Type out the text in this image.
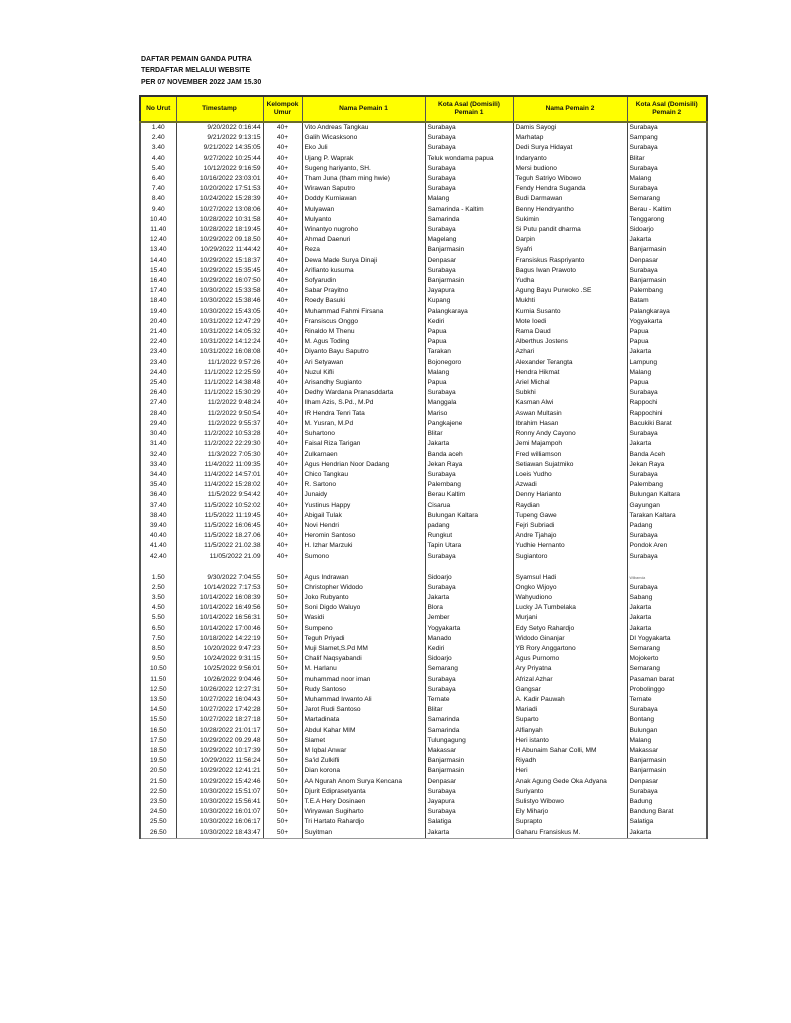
DAFTAR PEMAIN GANDA PUTRA
TERDAFTAR MELALUI WEBSITE
PER 07 NOVEMBER 2022 JAM 15.30
No Urut	Timestamp	Kelompok Umur	Nama Pemain 1	Kota Asal (Domisili) Pemain 1	Nama Pemain 2	Kota Asal (Domisili) Pemain 2
1.40	9/20/2022 0:16:44	40+	Vito Andreas Tangkau	Surabaya	Damis Sayogi	Surabaya
2.40	9/21/2022 9:13:15	40+	Galih Wicasksono	Surabaya	Marhatap	Sampang
3.40	9/21/2022 14:35:05	40+	Eko Juli	Surabaya	Dedi Surya Hidayat	Surabaya
4.40	9/27/2022 10:25:44	40+	Ujang P. Waprak	Teluk wondama papua	Indaryanto	Blitar
5.40	10/12/2022 9:16:59	40+	Sugeng hariyanto, SH.	Surabaya	Mersi budiono	Surabaya
6.40	10/16/2022 23:03:01	40+	Tham Juna (tham ming hwie)	Surabaya	Teguh Satriyo Wibowo	Malang
7.40	10/20/2022 17:51:53	40+	Wirawan Saputro	Surabaya	Fendy Hendra Suganda	Surabaya
8.40	10/24/2022 15:28:39	40+	Doddy Kurniawan	Malang	Budi Darmawan	Semarang
9.40	10/27/2022 13:08:06	40+	Mulyawan	Samarinda - Kaltim	Benny Hendryantho	Berau - Kaltim
10.40	10/28/2022 10:31:58	40+	Mulyanto	Samarinda	Sukimin	Tenggarong
11.40	10/28/2022 18:19:45	40+	Winantyo nugroho	Surabaya	Si Putu pandit dharma	Sidoarjo
12.40	10/29/2022 09.18.50	40+	Ahmad Daenuri	Magelang	Darpin	Jakarta
13.40	10/29/2022 11:44:42	40+	Reza	Banjarmasin	Syafri	Banjarmasin
14.40	10/29/2022 15:18:37	40+	Dewa Made Surya Dinaji	Denpasar	Fransiskus Raspriyanto	Denpasar
15.40	10/29/2022 15:35:45	40+	Arifianto kusuma	Surabaya	Bagus Iwan Prawoto	Surabaya
16.40	10/29/2022 16:07:50	40+	Sofyarudin	Banjarmasin	Yudha	Banjarmasin
17.40	10/30/2022 15:33:58	40+	Sabar Prayitno	Jayapura	Agung Bayu Purwoko .SE	Palembang
18.40	10/30/2022 15:38:46	40+	Roedy Basuki	Kupang	Mukhti	Batam
19.40	10/30/2022 15:43:05	40+	Muhammad Fahmi Firsana	Palangkaraya	Kurnia Susanto	Palangkaraya
20.40	10/31/2022 12:47:29	40+	Fransiscus Onggo	Kediri	Mote Ioedi	Yogyakarta
21.40	10/31/2022 14:05:32	40+	Rinaldo M Thenu	Papua	Rama Daud	Papua
22.40	10/31/2022 14:12:24	40+	M. Agus Toding	Papua	Alberthus Jostens	Papua
23.40	10/31/2022 16:08:08	40+	Diyanto Bayu Saputro	Tarakan	Azhari	Jakarta
23.40	11/1/2022 9:57:26	40+	Ari Setyawan	Bojonegoro	Alexander Terangta	Lampung
24.40	11/1/2022 12:25:59	40+	Nuzul Kifli	Malang	Hendra Hikmat	Malang
25.40	11/1/2022 14:38:48	40+	Arisandhy Sugianto	Papua	Ariel Michal	Papua
26.40	11/1/2022 15:30:29	40+	Dedhy Wardana Pranasddarta	Surabaya	Subkhi	Surabaya
27.40	11/2/2022 9:48:24	40+	Ilham Azis, S.Pd., M.Pd	Manggala	Kasman Alwi	Rappochi
28.40	11/2/2022 9:50:54	40+	IR Hendra Tenri Tata	Mariso	Aswan Multasin	Rappochini
29.40	11/2/2022 9:55:37	40+	M. Yusran, M.Pd	Pangkajene	Ibrahim Hasan	Bacukiki Barat
30.40	11/2/2022 10:53:28	40+	Suhartono	Blitar	Ronny Andy Cayono	Surabaya
31.40	11/2/2022 22:29:30	40+	Faisal Riza Tarigan	Jakarta	Jemi Majampoh	Jakarta
32.40	11/3/2022 7:05:30	40+	Zulkarnaen	Banda aceh	Fred williamson	Banda Aceh
33.40	11/4/2022 11:09:35	40+	Agus Hendrian Noor Dadang	Jekan Raya	Setiawan Sujatmiko	Jekan Raya
34.40	11/4/2022 14:57:01	40+	Chico Tangkau	Surabaya	Loeis Yudho	Surabaya
35.40	11/4/2022 15:28:02	40+	R. Sartono	Palembang	Azwadi	Palembang
36.40	11/5/2022 9:54:42	40+	Junaidy	Berau Kaltim	Denny Harianto	Bulungan Kaltara
37.40	11/5/2022 10:52:02	40+	Yustinus Happy	Cisarua	Raydian	Gayungan
38.40	11/5/2022 11:19:45	40+	Abigail Tulak	Bulungan Kaltara	Tupeng Gawe	Tarakan Kaltara
39.40	11/5/2022 16:06:45	40+	Novi Hendri	padang	Fejri Subriadi	Padang
40.40	11/5/2022 18.27.06	40+	Heromin Santoso	Rungkut	Andre Tjahajo	Surabaya
41.40	11/5/2022 21.02.38	40+	H. Izhar Marzuki	Tapin Utara	Yudhie Hernanto	Pondok Aren
42.40	11/05/2022 21.09	40+	Sumono	Surabaya	Sugiantoro	Surabaya

1.50	9/30/2022 7:04:55	50+	Agus Indrawan	Sidoarjo	Syamsul Hadi	Wilbarnda
2.50	10/14/2022 7:17:53	50+	Christopher Widodo	Surabaya	Ongko Wijoyo	Surabaya
3.50	10/14/2022 16:08:39	50+	Joko Rubyanto	Jakarta	Wahyudiono	Sabang
4.50	10/14/2022 16:49:56	50+	Soni Digdo Waluyo	Blora	Lucky JA Tumbelaka	Jakarta
5.50	10/14/2022 16:56:31	50+	Wasidi	Jember	Murjani	Jakarta
6.50	10/14/2022 17:00:46	50+	Sumpeno	Yogyakarta	Edy Setyo Rahardjo	Jakarta
7.50	10/18/2022 14:22:19	50+	Teguh Priyadi	Manado	Widodo Ginanjar	DI Yogyakarta
8.50	10/20/2022 9:47:23	50+	Muji Slamet,S.Pd MM	Kediri	YB Rory Anggartono	Semarang
9.50	10/24/2022 9:31:15	50+	Chalif Naqsyabandi	Sidoarjo	Agus Purnomo	Mojokerto
10.50	10/25/2022 9:56:01	50+	M. Harlanu	Semarang	Ary Priyatna	Semarang
11.50	10/26/2022 9:04:46	50+	muhammad noor iman	Surabaya	Afrizal Azhar	Pasaman barat
12.50	10/26/2022 12:27:31	50+	Rudy Santoso	Surabaya	Gangsar	Probolinggo
13.50	10/27/2022 16:04:43	50+	Muhammad Irwanto Ali	Ternate	A. Kadir Pauwah	Ternate
14.50	10/27/2022 17:42:28	50+	Jarot Rudi Santoso	Blitar	Mariadi	Surabaya
15.50	10/27/2022 18:27:18	50+	Martadinata	Samarinda	Suparto	Bontang
16.50	10/28/2022 21:01:17	50+	Abdul Kahar MIM	Samarinda	Alfianyah	Bulungan
17.50	10/29/2022 09.29.48	50+	Slamet	Tulungagung	Heri istanto	Malang
18.50	10/29/2022 10:17:39	50+	M Iqbal Anwar	Makassar	H Abunaim Sahar Colli, MM	Makassar
19.50	10/29/2022 11:56:24	50+	Sa'id Zulkifli	Banjarmasin	Riyadh	Banjarmasin
20.50	10/29/2022 12:41:21	50+	Dian korona	Banjarmasin	Heri	Banjarmasin
21.50	10/29/2022 15:42:46	50+	AA Ngurah Anom Surya Kencana	Denpasar	Anak Agung Gede Oka Adyana	Denpasar
22.50	10/30/2022 15:51:07	50+	Djurit Ediprasetyanta	Surabaya	Suriyanto	Surabaya
23.50	10/30/2022 15:56:41	50+	T.E.A Hery Dosinaen	Jayapura	Sulistyo Wibowo	Badung
24.50	10/30/2022 16:01:07	50+	Wiryawan Sugiharto	Surabaya	Ely Miharjo	Bandung Barat
25.50	10/30/2022 16:06:17	50+	Tri Hartato Rahardjo	Salatiga	Suprapto	Salatiga
26.50	10/30/2022 18:43:47	50+	Suyitman	Jakarta	Gaharu Fransiskus M.	Jakarta
